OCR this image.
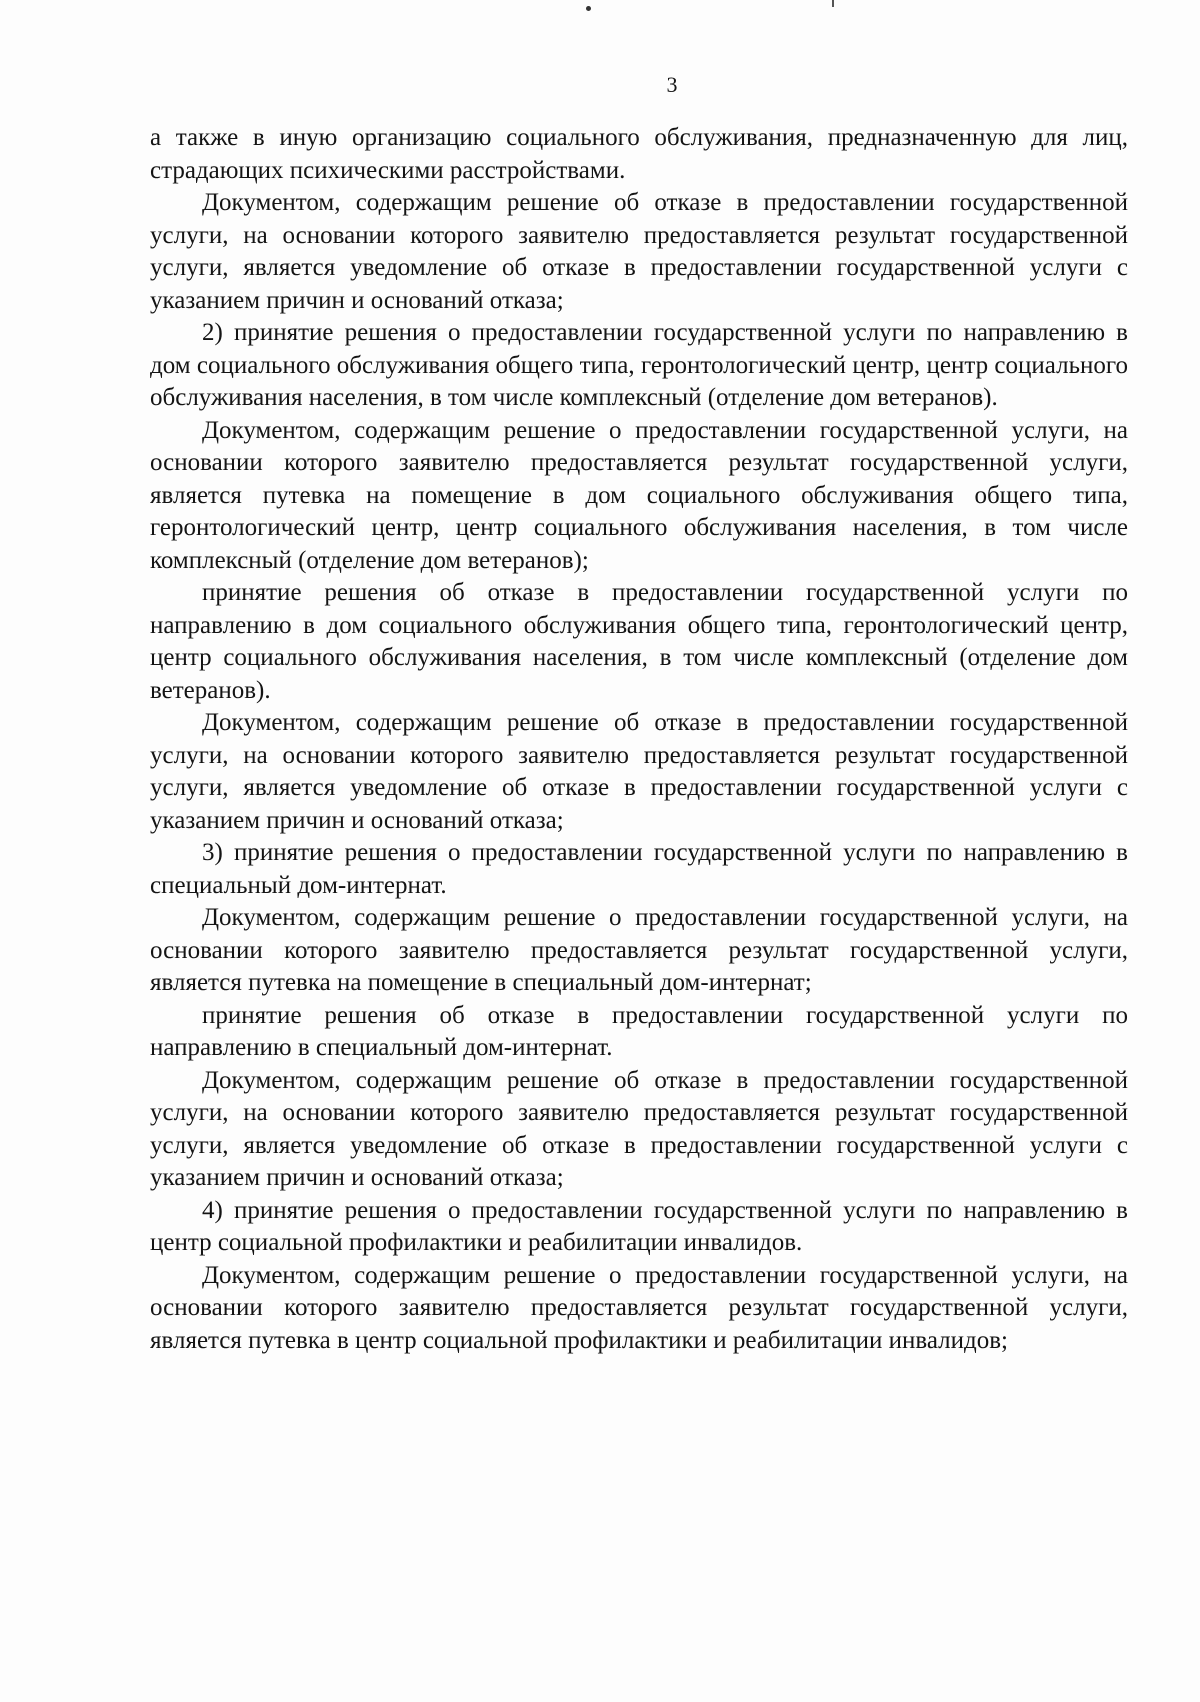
3

а также в иную организацию социального обслуживания, предназначенную для лиц, страдающих психическими расстройствами.

Документом, содержащим решение об отказе в предоставлении государственной услуги, на основании которого заявителю предоставляется результат государственной услуги, является уведомление об отказе в предоставлении государственной услуги с указанием причин и оснований отказа;

2) принятие решения о предоставлении государственной услуги по направлению в дом социального обслуживания общего типа, геронтологический центр, центр социального обслуживания населения, в том числе комплексный (отделение дом ветеранов).

Документом, содержащим решение о предоставлении государственной услуги, на основании которого заявителю предоставляется результат государственной услуги, является путевка на помещение в дом социального обслуживания общего типа, геронтологический центр, центр социального обслуживания населения, в том числе комплексный (отделение дом ветеранов);

принятие решения об отказе в предоставлении государственной услуги по направлению в дом социального обслуживания общего типа, геронтологический центр, центр социального обслуживания населения, в том числе комплексный (отделение дом ветеранов).

Документом, содержащим решение об отказе в предоставлении государственной услуги, на основании которого заявителю предоставляется результат государственной услуги, является уведомление об отказе в предоставлении государственной услуги с указанием причин и оснований отказа;

3) принятие решения о предоставлении государственной услуги по направлению в специальный дом-интернат.

Документом, содержащим решение о предоставлении государственной услуги, на основании которого заявителю предоставляется результат государственной услуги, является путевка на помещение в специальный дом-интернат;

принятие решения об отказе в предоставлении государственной услуги по направлению в специальный дом-интернат.

Документом, содержащим решение об отказе в предоставлении государственной услуги, на основании которого заявителю предоставляется результат государственной услуги, является уведомление об отказе в предоставлении государственной услуги с указанием причин и оснований отказа;

4) принятие решения о предоставлении государственной услуги по направлению в центр социальной профилактики и реабилитации инвалидов.

Документом, содержащим решение о предоставлении государственной услуги, на основании которого заявителю предоставляется результат государственной услуги, является путевка в центр социальной профилактики и реабилитации инвалидов;
